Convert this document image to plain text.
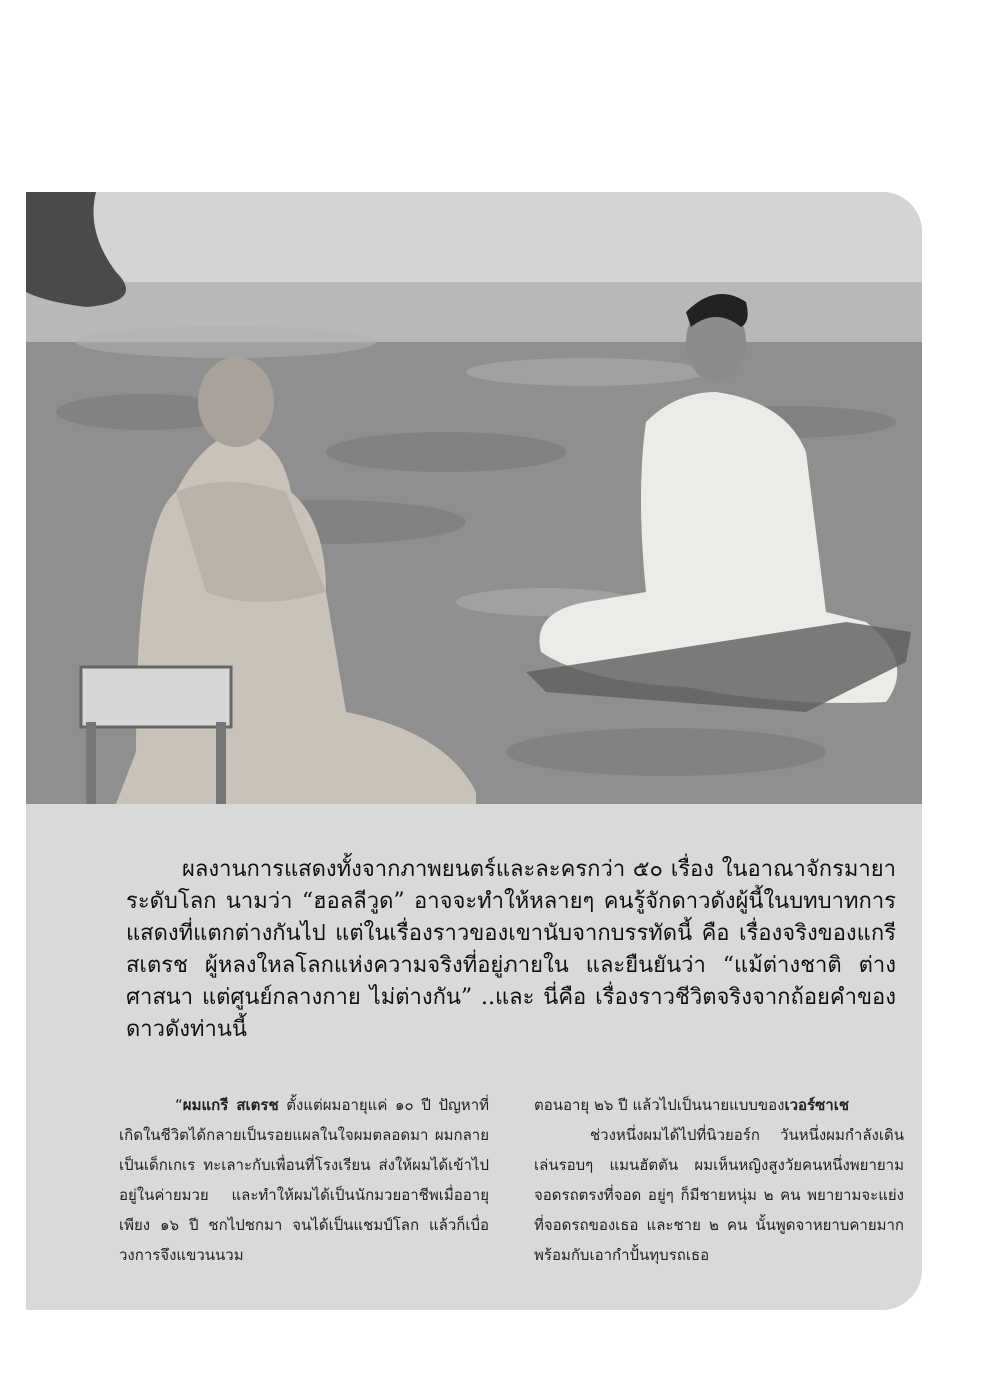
ผลงานการแสดงทั้งจากภาพยนตร์และละครกว่า ๕๐ เรื่อง ในอาณาจักรมายาระดับโลก นามว่า “ฮอลลีวูด” อาจจะทำให้หลายๆ คนรู้จักดาวดังผู้นี้ในบทบาทการแสดงที่แตกต่างกันไป แต่ในเรื่องราวของเขานับจากบรรทัดนี้ คือ เรื่องจริงของแกรี สเตรช ผู้หลงใหลโลกแห่งความจริงที่อยู่ภายใน และยืนยันว่า “แม้ต่างชาติ ต่างศาสนา แต่ศูนย์กลางกาย ไม่ต่างกัน” ..และ นี่คือ เรื่องราวชีวิตจริงจากถ้อยคำของดาวดังท่านนี้

“ผมแกรี สเตรช ตั้งแต่ผมอายุแค่ ๑๐ ปี ปัญหาที่เกิดในชีวิตได้กลายเป็นรอยแผลในใจผมตลอดมา ผมกลายเป็นเด็กเกเร ทะเลาะกับเพื่อนที่โรงเรียน ส่งให้ผมได้เข้าไปอยู่ในค่ายมวย และทำให้ผมได้เป็นนักมวยอาชีพเมื่ออายุเพียง ๑๖ ปี ชกไปชกมา จนได้เป็นแชมป์โลก แล้วก็เบื่อวงการจึงแขวนนวม

ตอนอายุ ๒๖ ปี แล้วไปเป็นนายแบบของเวอร์ซาเช

ช่วงหนึ่งผมได้ไปที่นิวยอร์ก วันหนึ่งผมกำลังเดินเล่นรอบๆ แมนฮัตตัน ผมเห็นหญิงสูงวัยคนหนึ่งพยายามจอดรถตรงที่จอด อยู่ๆ ก็มีชายหนุ่ม ๒ คน พยายามจะแย่งที่จอดรถของเธอ และชาย ๒ คน นั้นพูดจาหยาบคายมากพร้อมกับเอากำปั้นทุบรถเธอ
